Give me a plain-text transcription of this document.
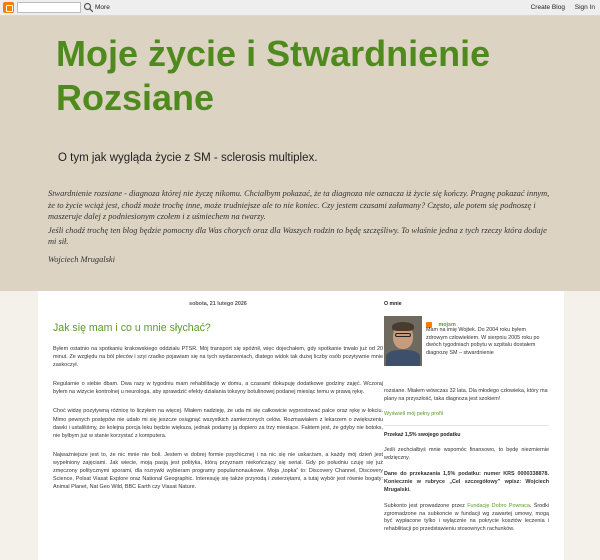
More	Create Blog Sign In
Moje życie i Stwardnienie Rozsiane
O tym jak wygląda życie z SM - sclerosis multiplex.

Stwardnienie rozsiane - diagnoza której nie życzę nikomu. Chciałbym pokazać, że ta diagnoza nie oznacza iż życie się kończy. Pragnę pokazać innym, że to życie wciąż jest, chodź może trochę inne, może trudniejsze ale to nie koniec. Czy jestem czasami załamany? Często, ale potem się podnoszę i maszeruje dalej z podniesionym czołem i z uśmiechem na twarzy.

Jeśli chodź trochę ten blog będzie pomocny dla Was chorych oraz dla Waszych rodzin to będę szczęśliwy. To właśnie jedna z tych rzeczy która dodaje mi sił.

Wojciech Mrugalski

sobota, 21 lutego 2026
Jak się mam i co u mnie słychać?

Byłem ostatnio na spotkaniu krakowskiego oddziału PTSR. Mój transport się spóźnił, więc dojechałem, gdy spotkanie trwało już od 20 minut. Ze względu na ból pleców i szyi rzadko pojawiam się na tych wydarzeniach, dlatego widok tak dużej liczby osób pozytywnie mnie zaskoczył.

Regularnie o siebie dbam. Dwa razy w tygodniu mam rehabilitację w domu, a czasami dokupuję dodatkowe godziny zajęć. Wczoraj byłem na wizycie kontrolnej u neurologa, aby sprawdzić efekty działania toksyny botulinowej podanej miesiąc temu w prawą rękę.

Choć widzę pozytywną różnicę to liczyłem na więcej. Miałem nadzieję, że uda mi się całkowicie wyprostować palce oraz rękę w łokciu. Mimo pewnych postępów nie udało mi się jeszcze osiągnąć wszystkich zamierzonych celów. Rozmawiałem z lekarzem o zwiększeniu dawki i ustaliliśmy, że kolejna porcja leku będzie większa, jednak podamy ją dopiero za trzy miesiące. Faktem jest, że gdyby nie botoks, nie byłbym już w stanie korzystać z komputera.

Najważniejsze jest to, że nic mnie nie boli. Jestem w dobrej formie psychicznej i na nic się nie uskarżam, a każdy mój dzień jest wypełniony zajęciami. Jak wiecie, moją pasją jest polityka, którą przyznam niekończący się serial. Gdy po południu czuję się już zmęczony politycznymi sporami, dla rozrywki wybieram programy popularnonaukowe. Moja „topka” to: Discovery Channel, Discovery Science, Polsat Viasat Explore oraz National Geographic. Interesuję się także przyrodą i zwierzętami, a tutaj wybór jest równie bogaty: Animal Planet, Nat Geo Wild, BBC Earth czy Viasat Nature.

O mnie
mojsm
Mam na imię Wojtek. Do 2004 roku byłem zdrowym człowiekiem. W sierpniu 2005 roku po dwóch tygodniach pobytu w szpitalu dostałem diagnozę SM – stwardnienie
rozsiane. Miałem wówczas 32 lata. Dla młodego człowieka, który ma plany na przyszłość, taka diagnoza jest szokiem!
Wyświetl mój pełny profil
Przekaż 1,5% swojego podatku

Jeśli zechciałbyś mnie wspomóc finansowo, to będę niezmiernie wdzięczny.

Dane do przekazania 1,5% podatku: numer KRS 0000338878. Koniecznie w rubryce „Cel szczegółowy” wpisz: Wojciech Mrugalski.

Subkonto jest prowadzone przez Fundację Dobro Powraca. Środki zgromadzone na subkoncie w fundacji wg zawartej umowy, mogą być wypłacone tylko i wyłącznie na pokrycie kosztów leczenia i rehabilitacji po przedstawieniu stosownych rachunków.
